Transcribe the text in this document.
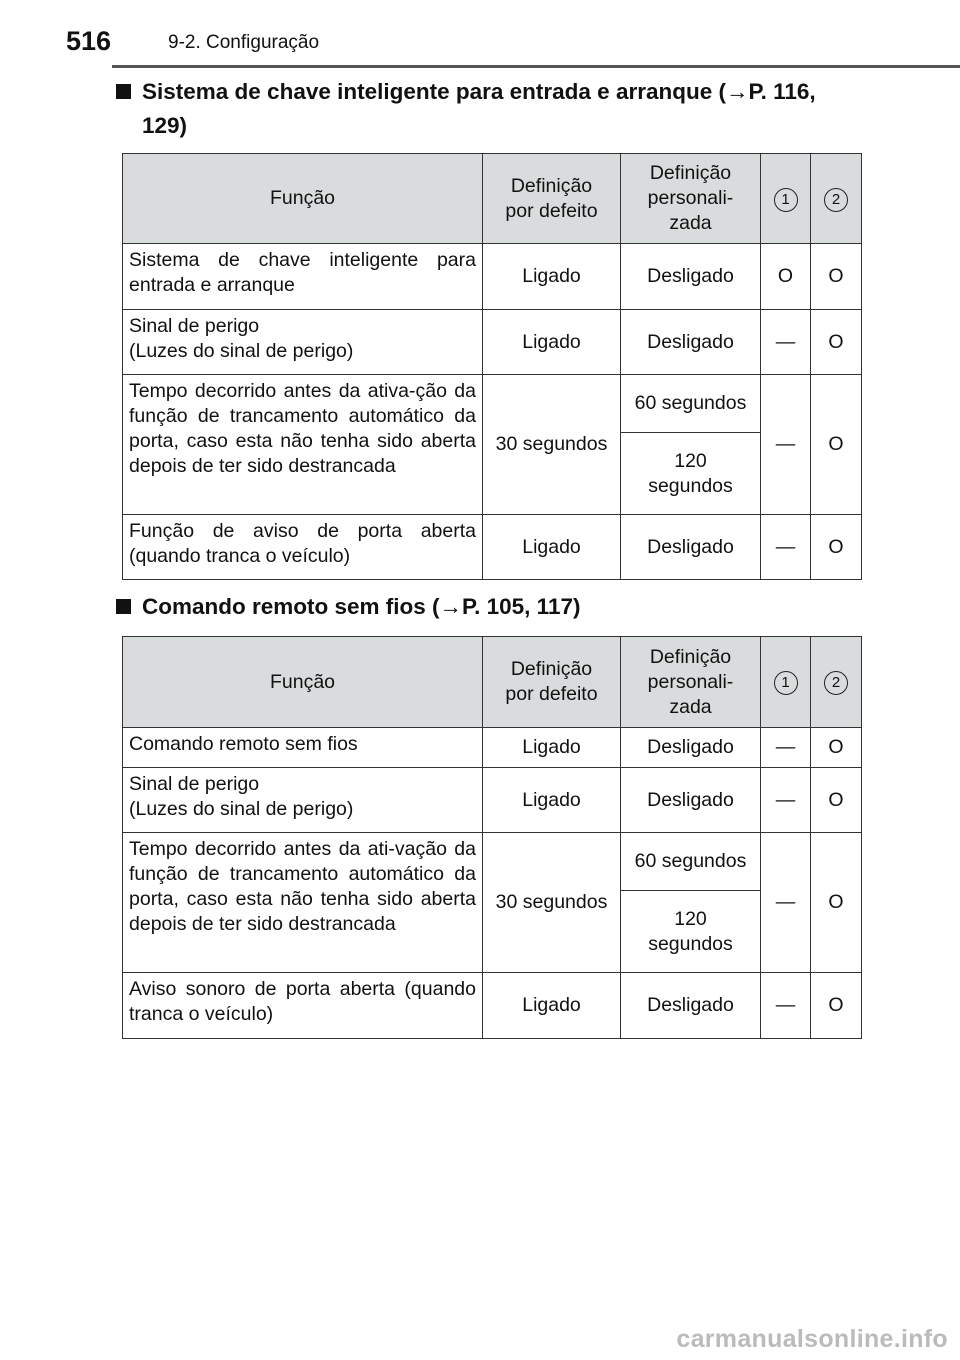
516	9-2. Configuração
Sistema de chave inteligente para entrada e arranque (→P. 116,
129)
Função	Definição
por defeito	Definição
personali-
zada	1	2
Sistema de chave inteligente para entrada e arranque	Ligado	Desligado	O	O
Sinal de perigo
(Luzes do sinal de perigo)	Ligado	Desligado	—	O
Tempo decorrido antes da ativa-ção da função de trancamento automático da porta, caso esta não tenha sido aberta depois de ter sido destrancada	30 segundos	60 segundos	—	O
		120
segundos		
Função de aviso de porta aberta (quando tranca o veículo)	Ligado	Desligado	—	O
Comando remoto sem fios (→P. 105, 117)
Função	Definição
por defeito	Definição
personali-
zada	1	2
Comando remoto sem fios	Ligado	Desligado	—	O
Sinal de perigo
(Luzes do sinal de perigo)	Ligado	Desligado	—	O
Tempo decorrido antes da ati-vação da função de trancamento automático da porta, caso esta não tenha sido aberta depois de ter sido destrancada	30 segundos	60 segundos	—	O
		120
segundos		
Aviso sonoro de porta aberta (quando tranca o veículo)	Ligado	Desligado	—	O
carmanualsonline.info
